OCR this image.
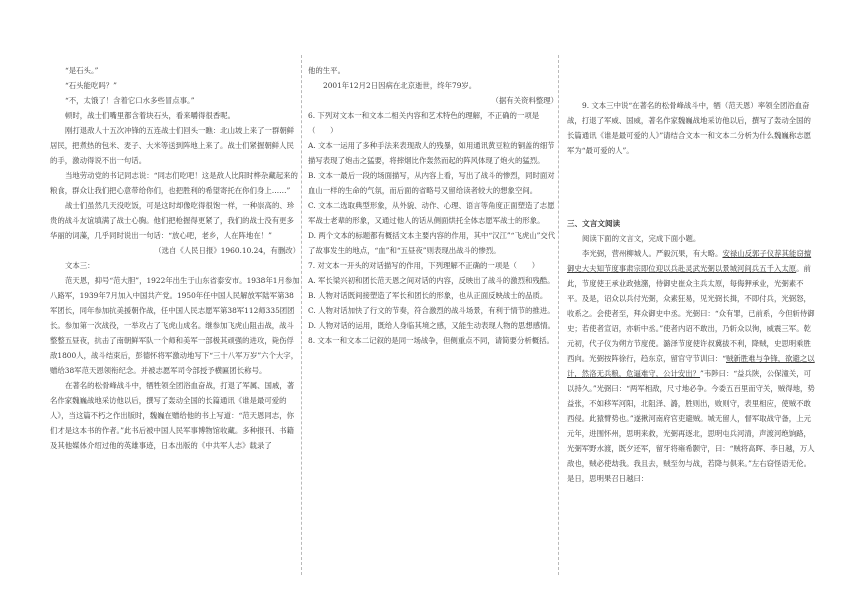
“是石头。”

“石头能吃吗？”

“不，太饿了！含着它口水多些冒点事。”

顿时，战士们嘴里都含着块石头，看来嚼得很香呢。

刚打退敌人十五次冲锋的五连战士们回头一瞧：北山坡上来了一群朝鲜居民，把煮热的包米、麦子、大米等送到阵地上来了。战士们紧握朝鲜人民的手，激动得说不出一句话。

当地劳动党的书记同志说：“同志们吃吧！这是敌人比阳时桦杂藏起来的粮食，群众让我们把心意带给你们，也把胜利的希望寄托在你们身上……”

战士们虽然几天没吃饭，可是这时却像吃得很饱一样，一种崇高的、珍贵的战斗友谊填满了战士心胸。他们把枪握得更紧了，我们的战士没有更多华丽的词藻，几乎同时说出一句话：“放心吧，老乡，人在阵地在！”

（选自《人民日报》1960.10.24，有删改）

文本三：

范天恩，抑号“范大胆”，1922年出生于山东省泰安市。1938年1月参加八路军，1939年7月加入中国共产党。1950年任中国人民解放军陆军第38军团长，同年参加抗美援朝作战，任中国人民志愿军第38军112师335团团长。参加第一次战役，一举攻占了飞虎山成名。继参加飞虎山阻击战，战斗整整五昼夜，抗击了南朝鲜军队一个师和美军一部极其顽强的进攻，毙伤俘敌1800人，战斗结束后，彭德怀将军激动地写下“三十八军万岁”六个大字，赠给38军范天恩领衔纪念。并被志愿军司令部授予横匾团长称号。

在著名的松骨峰战斗中，牺牲领全团浴血奋战，打退了军属、国戚，著名作家魏巍战地采访他以后，撰写了轰动全国的长篇通讯《谁是最可爱的人》，当这篇不朽之作出版时，魏巍在赠给他的书上写道：“范天恩同志，你们才是这本书的作者。”此书后被中国人民军事博物馆收藏。多种报刊、书籍及其他媒体介绍过他的英雄事迹，日本出版的《中共军人志》载录了

他的生平。

2001年12月2日因病在北京逝世，终年79岁。

（据有关资料整理）

6. 下列对文本一和文本二相关内容和艺术特色的理解，不正确的一项是（　　）

A. 文本一运用了多种手法来表现敌人的残暴，如用通讯黄豆粒的铜盖的细节描写表现了炮击之猛要，将摔烟比作轰然而起的阵风体现了炮火的猛烈。

B. 文本一最后一段的场面描写，从内容上看，写出了战斗的惨烈，同时面对血山一样的生命的气氛，而后面的省略号又留给读者较大的想象空间。

C. 文本二选取典型形象，从外貌、动作、心理、语言等角度正面塑造了志愿军战士老辈的形象，又通过他人的话从侧面烘托全体志愿军战士的形象。

D. 两个文本的标题都有概括文本主要内容的作用，其中“汉江”“飞虎山”交代了故事发生的地点，“血”和“五昼夜”则表现出战斗的惨烈。

7. 对文本一开头的对话描写的作用，下列理解不正确的一项是（　　）

A. 军长梁兴初和团长范天恩之间对话的内容，反映出了战斗的激烈和残酷。

B. 人物对话既间接塑造了军长和团长的形象，也从正面反映战士的品质。

C. 人物对话加快了行文的节奏，符合激烈的战斗场景，有利于情节的推进。

D. 人物对话的运用，既给人身临其境之感，又能生动表现人物的思想感情。

8. 文本一和文本二记叙的是同一场战争，但侧重点不同，请简要分析概括。

9. 文本三中说“在著名的松骨峰战斗中，牺（范天恩）率领全团浴血奋战，打退了军威、国威，著名作家魏巍战地采访他以后，撰写了轰动全国的长篇通讯《谁是最可爱的人》”请结合文本一和文本二分析为什么魏巍称志愿军为“最可爱的人”。

三、文言文阅读

阅读下面的文言文，完成下面小题。

李光弼，营州柳城人。严毅沉果，有大略。安禄山反郭子仪荐其能窃擅御史大夫知节度事肃宗即位迎以兵赴灵武光弼以景城河间兵五千入太原。前此，节度使王承业政弛潴，侍御史崔众主兵太原，每侮狎承业，光弼素不平。及是，诏众以兵付光弼，众素狂易，见光弼长揖，不即付兵，光弼怒，收系之。会使者至，拜众御史中丞。光弼曰：“众有罪，已前系，今但斩侍御史；若使者宣诏，亦斩中丞。”使者内诏不敢出，乃斩众以徇，威震三军。乾元初，代子仪为朔方节度使。潞泽节度使许叔冀拔不利，降贼，史思明乘胜西向。光弼按阵徐行，趋东京，留官守节训曰：“贼新胜难与争锋，欲避之以计，然洛无兵粮，危逼难守，公计安出？”韦陟曰：“益兵陕，公保潼关，可以持久。”光弼曰：“两军相敌，尺寸地必争。今委五百里而守关，贼得地，势益张，不如移军河阳，北阻泽、潞，胜则出，败则守，表里相应，使贼不敢西侵。此猿臂势也。”遂揪河南府官吏避贼。城无留人，督军取战守备，上元元年，进围怀州，思明来救，光弼再逐北，思明屯兵河清，声渡河绝饷路，光弼军野水渡，既夕还军，留牙将雍希颢守，曰：“贼将高晖、李日越，万人敌也，贼必使劫我。我且去，贼至勿与战，若降与俱来。”左右窃怪语无伦。是日，思明果召日越曰：
